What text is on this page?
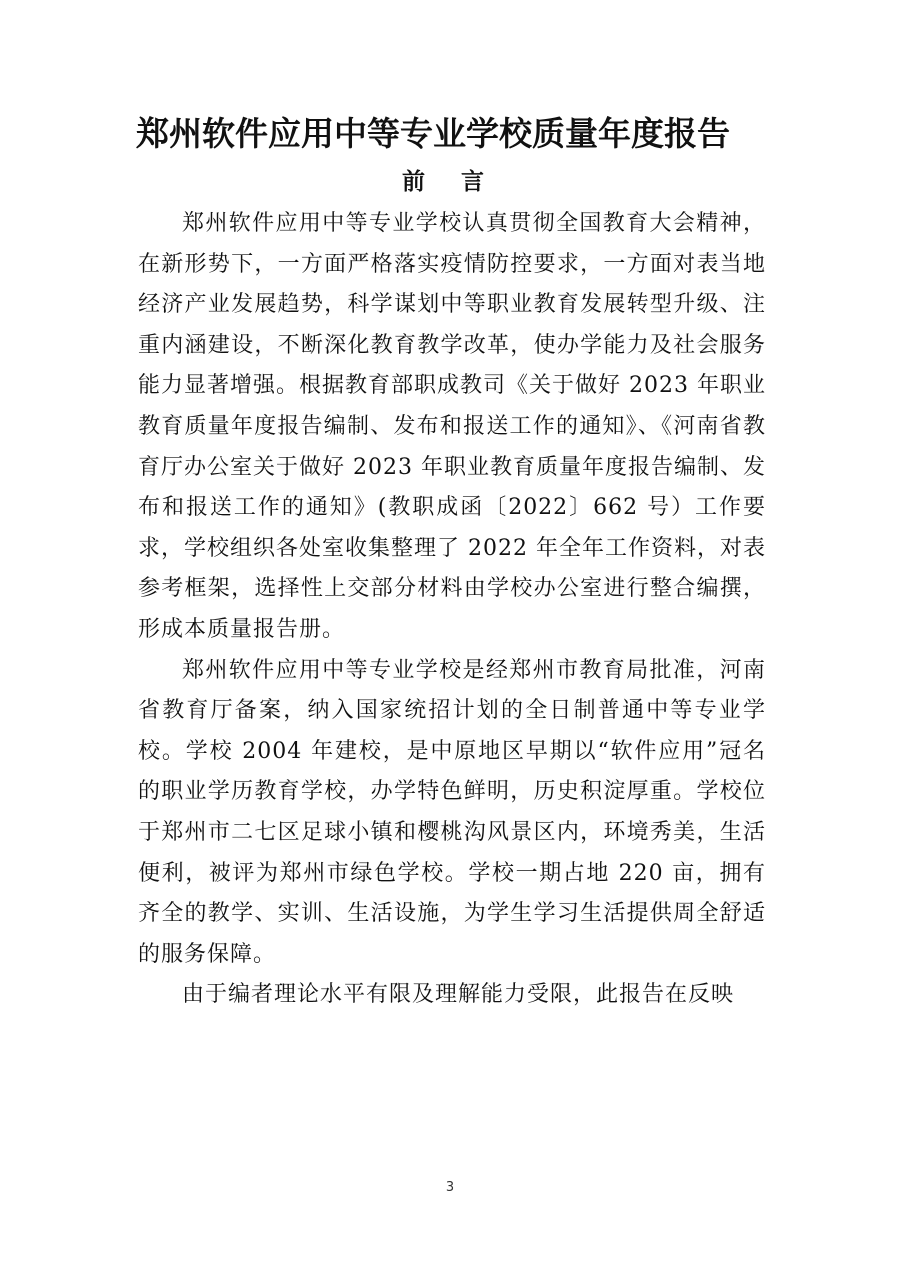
郑州软件应用中等专业学校质量年度报告
前 言

郑州软件应用中等专业学校认真贯彻全国教育大会精神，在新形势下，一方面严格落实疫情防控要求，一方面对表当地经济产业发展趋势，科学谋划中等职业教育发展转型升级、注重内涵建设，不断深化教育教学改革，使办学能力及社会服务能力显著增强。根据教育部职成教司《关于做好 2023 年职业教育质量年度报告编制、发布和报送工作的通知》、《河南省教育厅办公室关于做好 2023 年职业教育质量年度报告编制、发布和报送工作的通知》(教职成函〔2022〕662 号）工作要求，学校组织各处室收集整理了 2022 年全年工作资料，对表参考框架，选择性上交部分材料由学校办公室进行整合编撰，形成本质量报告册。

郑州软件应用中等专业学校是经郑州市教育局批准，河南省教育厅备案，纳入国家统招计划的全日制普通中等专业学校。学校 2004 年建校，是中原地区早期以“软件应用”冠名的职业学历教育学校，办学特色鲜明，历史积淀厚重。学校位于郑州市二七区足球小镇和樱桃沟风景区内，环境秀美，生活便利，被评为郑州市绿色学校。学校一期占地 220 亩，拥有齐全的教学、实训、生活设施，为学生学习生活提供周全舒适的服务保障。

由于编者理论水平有限及理解能力受限，此报告在反映

3
